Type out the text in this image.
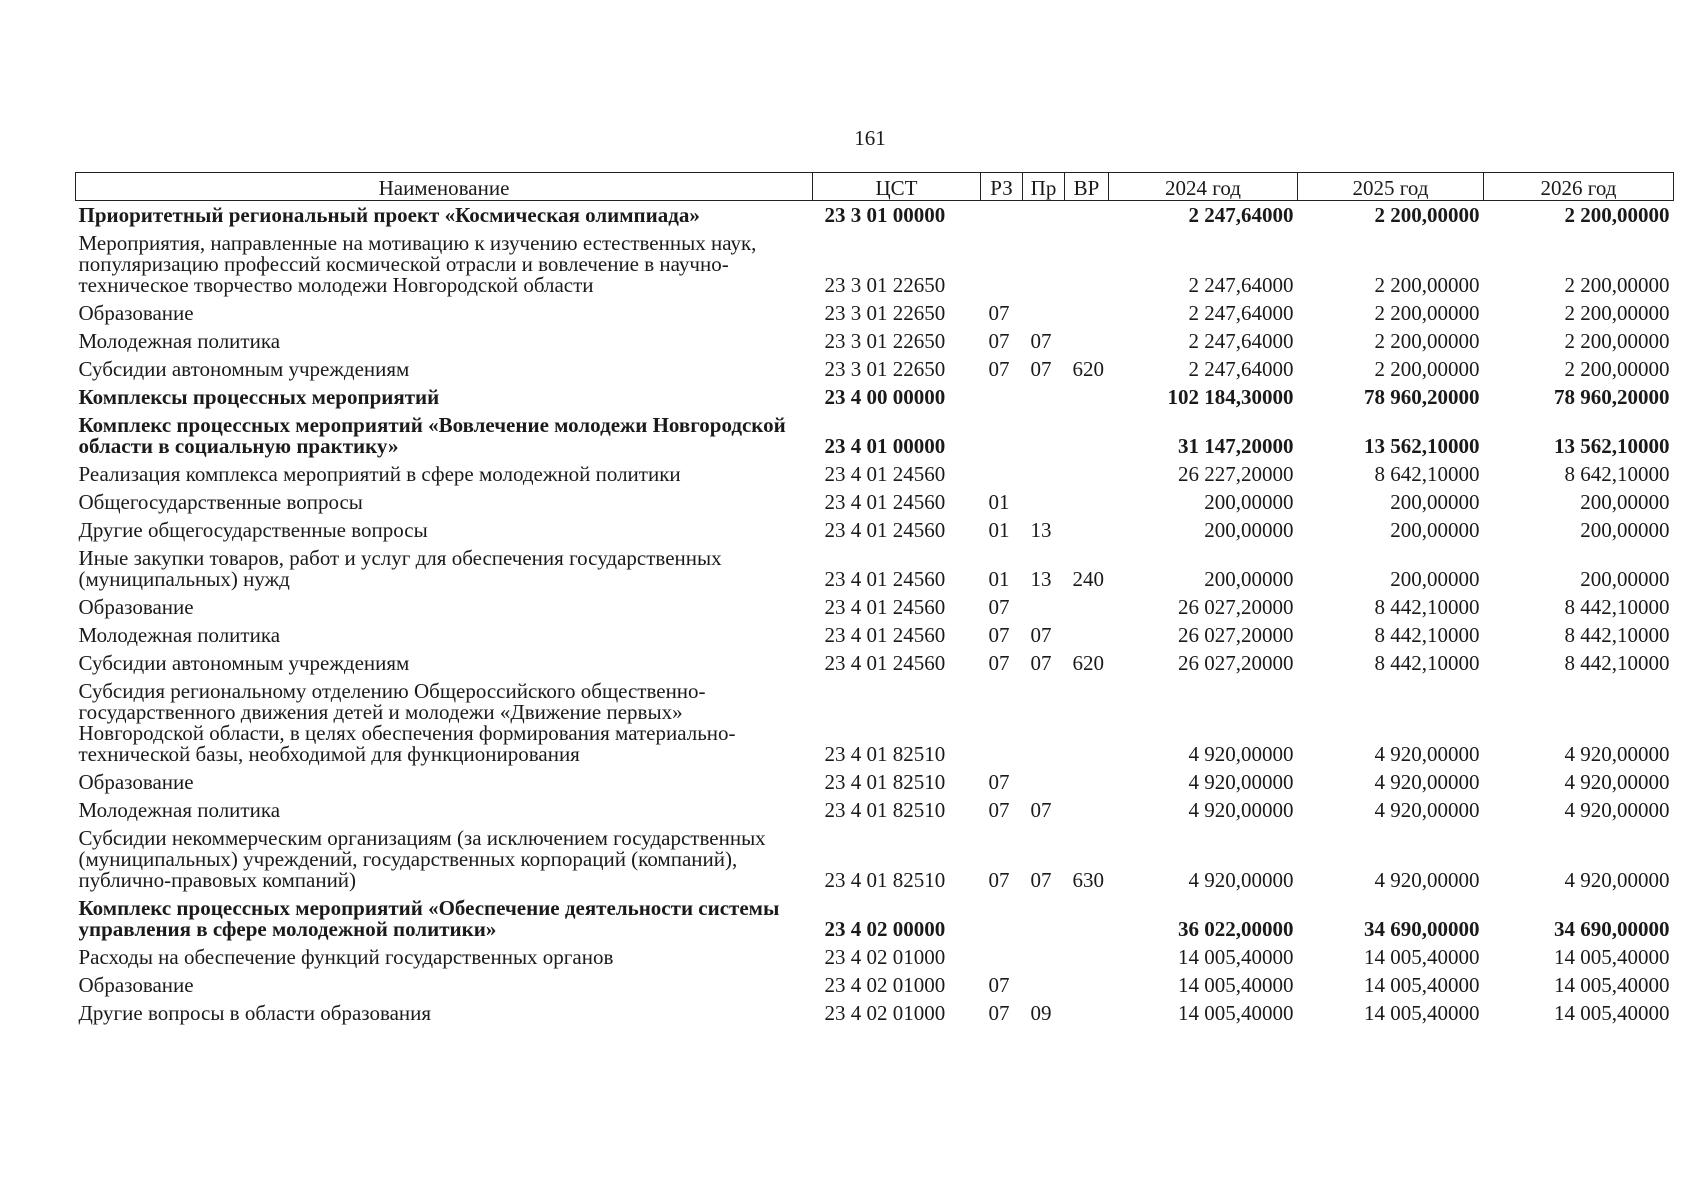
161
Наименование	ЦСТ	РЗ	Пр	ВР	2024 год	2025 год	2026 год
Приоритетный региональный проект «Космическая олимпиада»	23 3 01 00000				2 247,64000	2 200,00000	2 200,00000
Мероприятия, направленные на мотивацию к изучению естественных наук, популяризацию профессий космической отрасли и вовлечение в научно-техническое творчество молодежи Новгородской области	23 3 01 22650				2 247,64000	2 200,00000	2 200,00000
Образование	23 3 01 22650	07			2 247,64000	2 200,00000	2 200,00000
Молодежная политика	23 3 01 22650	07	07		2 247,64000	2 200,00000	2 200,00000
Субсидии автономным учреждениям	23 3 01 22650	07	07	620	2 247,64000	2 200,00000	2 200,00000
Комплексы процессных мероприятий	23 4 00 00000				102 184,30000	78 960,20000	78 960,20000
Комплекс процессных мероприятий «Вовлечение молодежи Новгородской области в социальную практику»	23 4 01 00000				31 147,20000	13 562,10000	13 562,10000
Реализация комплекса мероприятий в сфере молодежной политики	23 4 01 24560				26 227,20000	8 642,10000	8 642,10000
Общегосударственные вопросы	23 4 01 24560	01			200,00000	200,00000	200,00000
Другие общегосударственные вопросы	23 4 01 24560	01	13		200,00000	200,00000	200,00000
Иные закупки товаров, работ и услуг для обеспечения государственных (муниципальных) нужд	23 4 01 24560	01	13	240	200,00000	200,00000	200,00000
Образование	23 4 01 24560	07			26 027,20000	8 442,10000	8 442,10000
Молодежная политика	23 4 01 24560	07	07		26 027,20000	8 442,10000	8 442,10000
Субсидии автономным учреждениям	23 4 01 24560	07	07	620	26 027,20000	8 442,10000	8 442,10000
Субсидия региональному отделению Общероссийского общественно-государственного движения детей и молодежи «Движение первых» Новгородской области, в целях обеспечения формирования материально-технической базы, необходимой для функционирования	23 4 01 82510				4 920,00000	4 920,00000	4 920,00000
Образование	23 4 01 82510	07			4 920,00000	4 920,00000	4 920,00000
Молодежная политика	23 4 01 82510	07	07		4 920,00000	4 920,00000	4 920,00000
Субсидии некоммерческим организациям (за исключением государственных (муниципальных) учреждений, государственных корпораций (компаний), публично-правовых компаний)	23 4 01 82510	07	07	630	4 920,00000	4 920,00000	4 920,00000
Комплекс процессных мероприятий «Обеспечение деятельности системы управления в сфере молодежной политики»	23 4 02 00000				36 022,00000	34 690,00000	34 690,00000
Расходы на обеспечение функций государственных органов	23 4 02 01000				14 005,40000	14 005,40000	14 005,40000
Образование	23 4 02 01000	07			14 005,40000	14 005,40000	14 005,40000
Другие вопросы в области образования	23 4 02 01000	07	09		14 005,40000	14 005,40000	14 005,40000
